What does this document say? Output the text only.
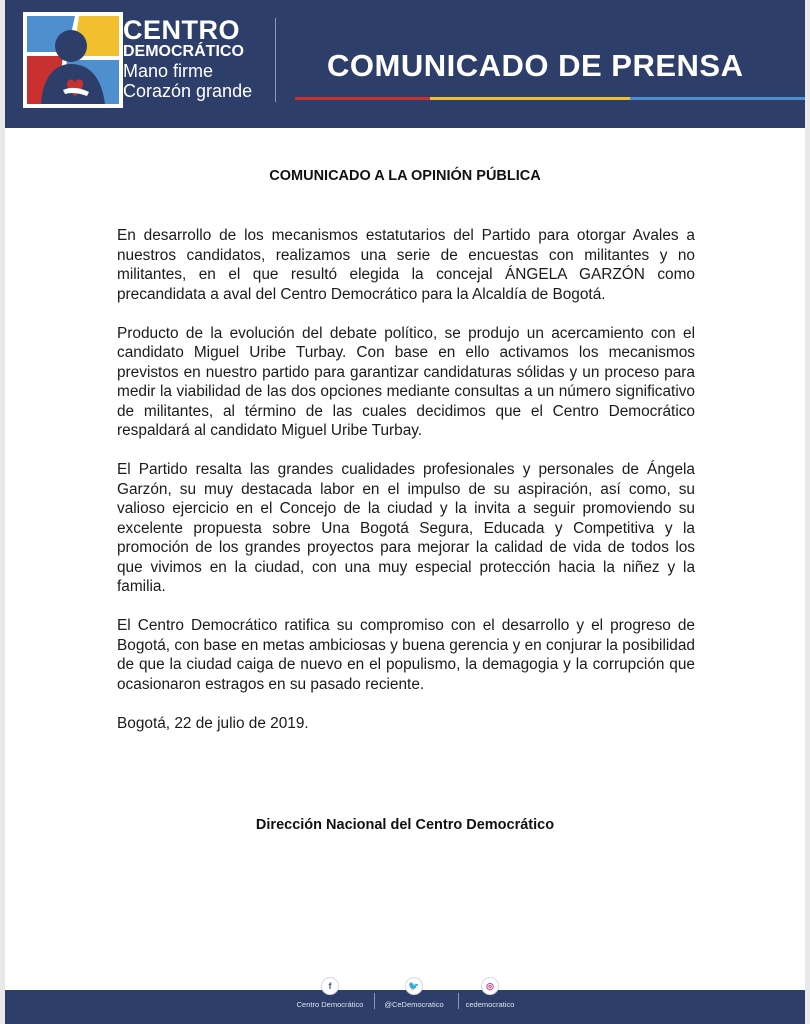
CENTRO
DEMOCRÁTICO
Mano firme
Corazón grande
COMUNICADO DE PRENSA
COMUNICADO A LA OPINIÓN PÚBLICA

En desarrollo de los mecanismos estatutarios del Partido para otorgar Avales a nuestros candidatos, realizamos una serie de encuestas con militantes y no militantes, en el que resultó elegida la concejal ÁNGELA GARZÓN como precandidata a aval del Centro Democrático para la Alcaldía de Bogotá.

Producto de la evolución del debate político, se produjo un acercamiento con el candidato Miguel Uribe Turbay. Con base en ello activamos los mecanismos previstos en nuestro partido para garantizar candidaturas sólidas y un proceso para medir la viabilidad de las dos opciones mediante consultas a un número significativo de militantes, al término de las cuales decidimos que el Centro Democrático respaldará al candidato Miguel Uribe Turbay.

El Partido resalta las grandes cualidades profesionales y personales de Ángela Garzón, su muy destacada labor en el impulso de su aspiración, así como, su valioso ejercicio en el Concejo de la ciudad y la invita a seguir promoviendo su excelente propuesta sobre Una Bogotá Segura, Educada y Competitiva y la promoción de los grandes proyectos para mejorar la calidad de vida de todos los que vivimos en la ciudad, con una muy especial protección hacia la niñez y la familia.

El Centro Democrático ratifica su compromiso con el desarrollo y el progreso de Bogotá, con base en metas ambiciosas y buena gerencia y en conjurar la posibilidad de que la ciudad caiga de nuevo en el populismo, la demagogia y la corrupción que ocasionaron estragos en su pasado reciente.

Bogotá, 22 de julio de 2019.

Dirección Nacional del Centro Democrático
f
Centro Democrático
🐦
@CeDemocratico
◎
cedemocratico
